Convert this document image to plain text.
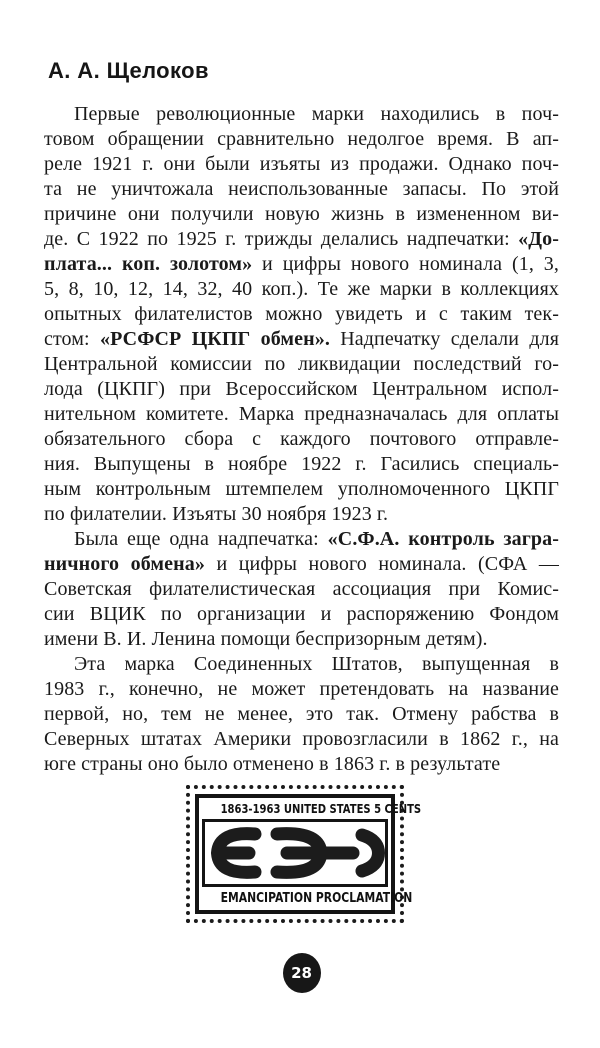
А. А. Щелоков
Первые революционные марки находились в поч-
товом обращении сравнительно недолгое время. В ап-
реле 1921 г. они были изъяты из продажи. Однако поч-
та не уничтожала неиспользованные запасы. По этой
причине они получили новую жизнь в измененном ви-
де. С 1922 по 1925 г. трижды делались надпечатки: «До-
плата... коп. золотом» и цифры нового номинала (1, 3,
5, 8, 10, 12, 14, 32, 40 коп.). Те же марки в коллекциях
опытных филателистов можно увидеть и с таким тек-
стом: «РСФСР ЦКПГ обмен». Надпечатку сделали для
Центральной комиссии по ликвидации последствий го-
лода (ЦКПГ) при Всероссийском Центральном испол-
нительном комитете. Марка предназначалась для оплаты
обязательного сбора с каждого почтового отправле-
ния. Выпущены в ноябре 1922 г. Гасились специаль-
ным контрольным штемпелем уполномоченного ЦКПГ
по филателии. Изъяты 30 ноября 1923 г.
Была еще одна надпечатка: «С.Ф.А. контроль загра-
ничного обмена» и цифры нового номинала. (СФА —
Советская филателистическая ассоциация при Комис-
сии ВЦИК по организации и распоряжению Фондом
имени В. И. Ленина помощи беспризорным детям).
Эта марка Соединенных Штатов, выпущенная в
1983 г., конечно, не может претендовать на название
первой, но, тем не менее, это так. Отмену рабства в
Северных штатах Америки провозгласили в 1862 г., на
юге страны оно было отменено в 1863 г. в результате
1863-1963 UNITED STATES 5 CENTS
EMANCIPATION PROCLAMATION
28
